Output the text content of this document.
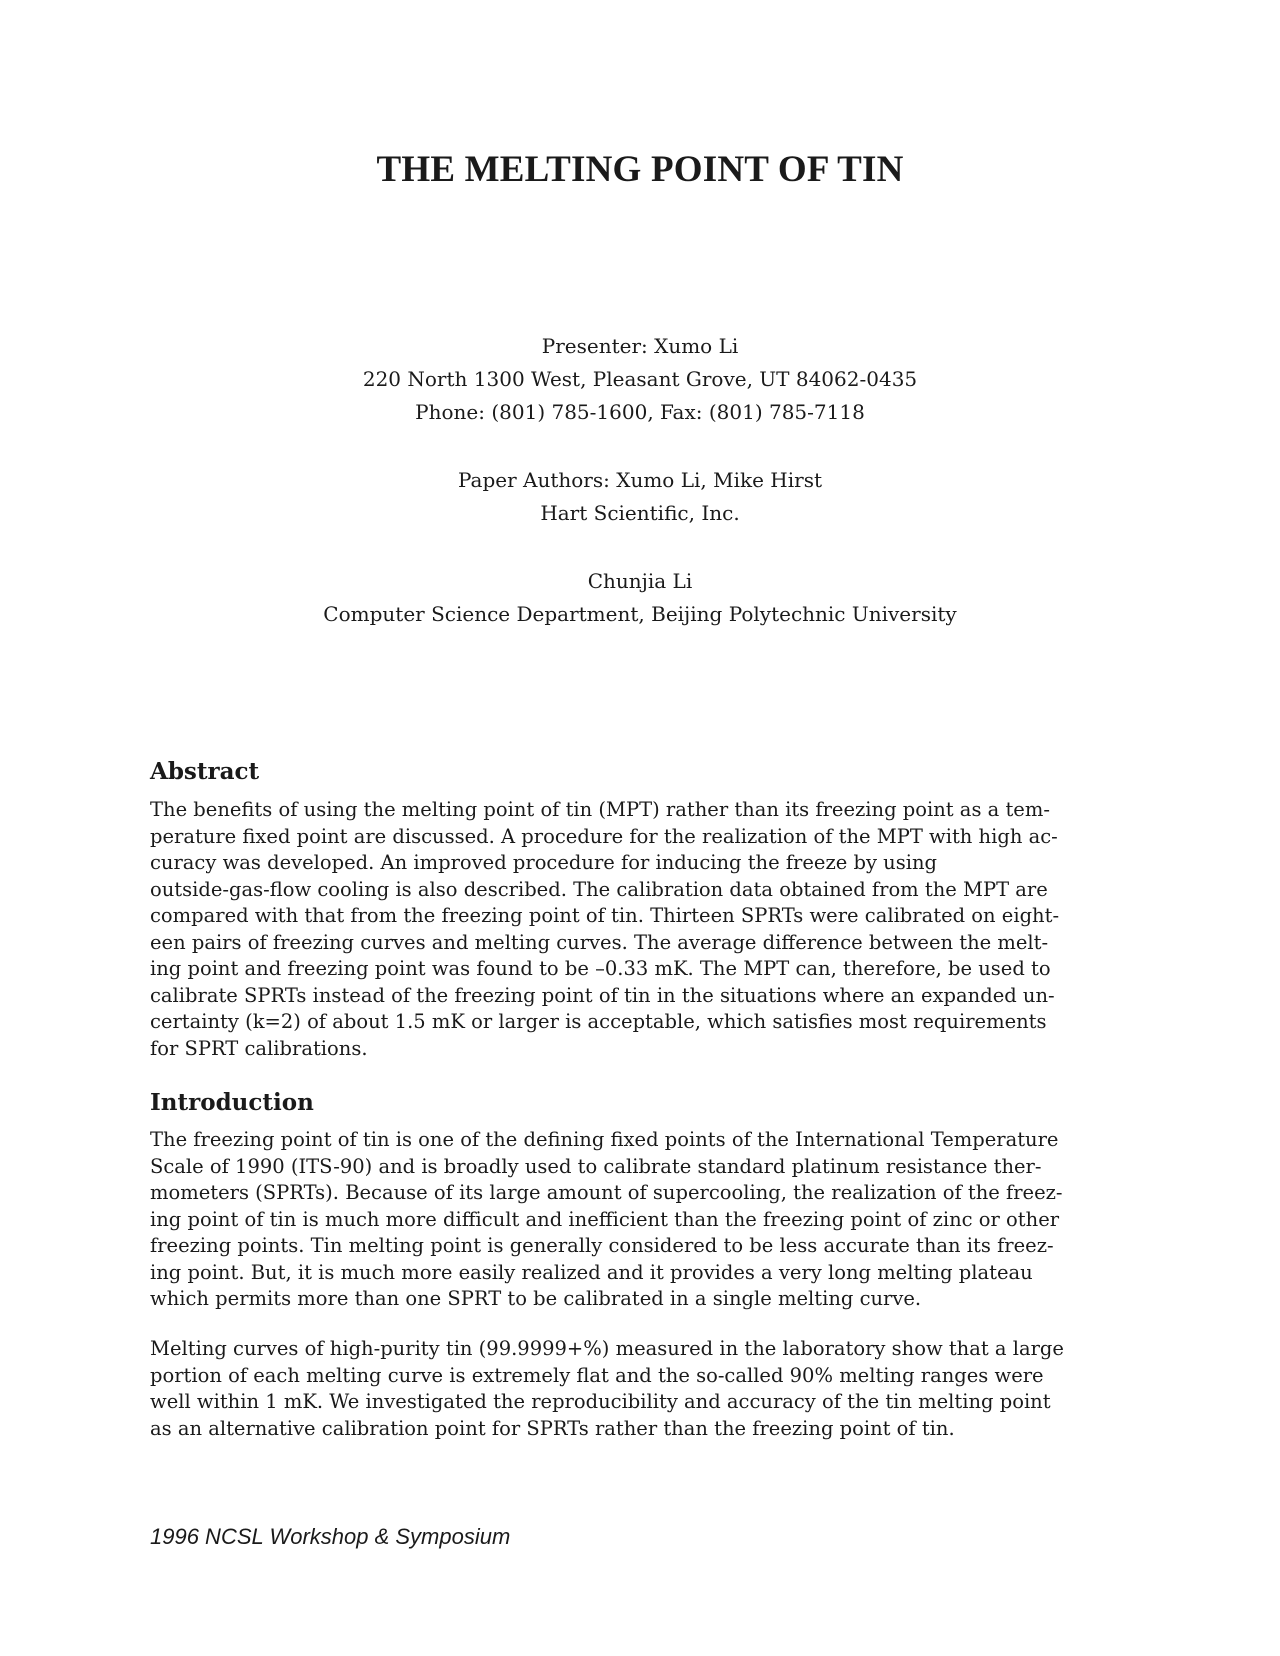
THE MELTING POINT OF TIN

Presenter: Xumo Li

220 North 1300 West, Pleasant Grove, UT 84062-0435

Phone: (801) 785-1600, Fax: (801) 785-7118

Paper Authors: Xumo Li, Mike Hirst

Hart Scientific, Inc.

Chunjia Li

Computer Science Department, Beijing Polytechnic University

Abstract

The benefits of using the melting point of tin (MPT) rather than its freezing point as a tem-
perature fixed point are discussed. A procedure for the realization of the MPT with high ac-
curacy was developed. An improved procedure for inducing the freeze by using
outside-gas-flow cooling is also described. The calibration data obtained from the MPT are
compared with that from the freezing point of tin. Thirteen SPRTs were calibrated on eight-
een pairs of freezing curves and melting curves. The average difference between the melt-
ing point and freezing point was found to be –0.33 mK. The MPT can, therefore, be used to
calibrate SPRTs instead of the freezing point of tin in the situations where an expanded un-
certainty (k=2) of about 1.5 mK or larger is acceptable, which satisfies most requirements
for SPRT calibrations.

Introduction

The freezing point of tin is one of the defining fixed points of the International Temperature
Scale of 1990 (ITS-90) and is broadly used to calibrate standard platinum resistance ther-
mometers (SPRTs). Because of its large amount of supercooling, the realization of the freez-
ing point of tin is much more difficult and inefficient than the freezing point of zinc or other
freezing points. Tin melting point is generally considered to be less accurate than its freez-
ing point. But, it is much more easily realized and it provides a very long melting plateau
which permits more than one SPRT to be calibrated in a single melting curve.

Melting curves of high-purity tin (99.9999+%) measured in the laboratory show that a large
portion of each melting curve is extremely flat and the so-called 90% melting ranges were
well within 1 mK. We investigated the reproducibility and accuracy of the tin melting point
as an alternative calibration point for SPRTs rather than the freezing point of tin.

1996 NCSL Workshop & Symposium
